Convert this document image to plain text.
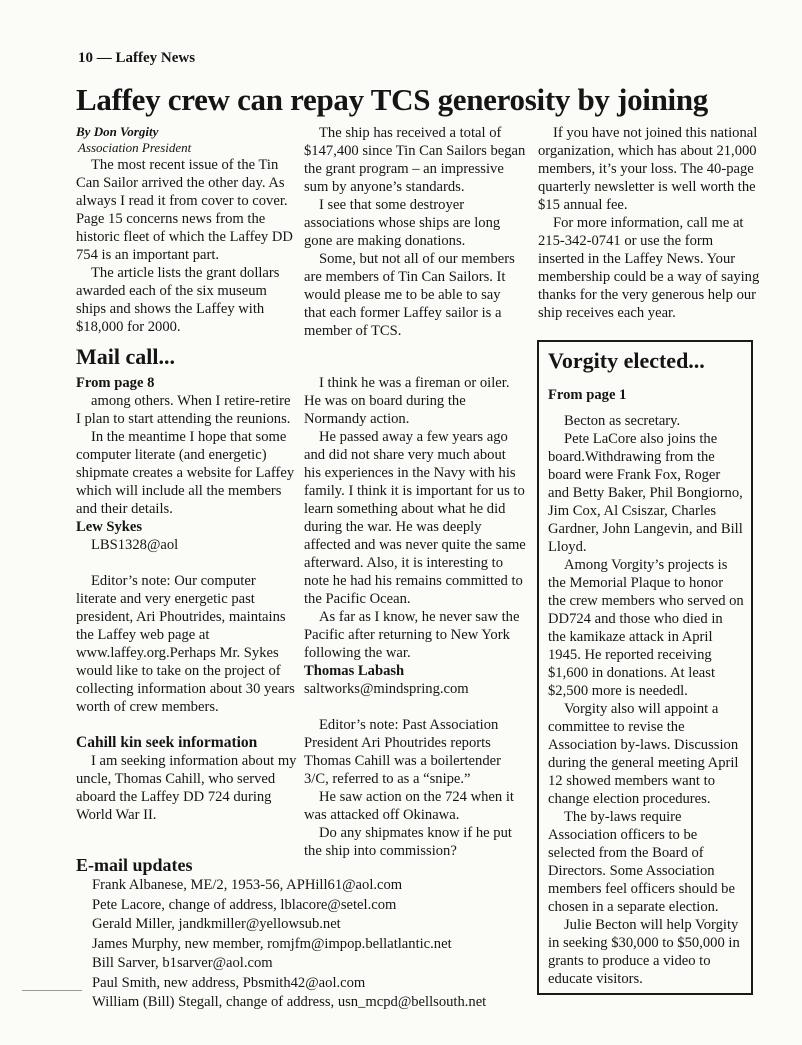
10 — Laffey News
Laffey crew can repay TCS generosity by joining
By Don Vorgity
Association President

The most recent issue of the Tin Can Sailor arrived the other day. As always I read it from cover to cover. Page 15 concerns news from the historic fleet of which the Laffey DD 754 is an important part.

The article lists the grant dollars awarded each of the six museum ships and shows the Laffey with $18,000 for 2000.

The ship has received a total of $147,400 since Tin Can Sailors began the grant program – an impressive sum by anyone’s standards.

I see that some destroyer associations whose ships are long gone are making donations.

Some, but not all of our members are members of Tin Can Sailors. It would please me to be able to say that each former Laffey sailor is a member of TCS.

If you have not joined this national organization, which has about 21,000 members, it’s your loss. The 40-page quarterly newsletter is well worth the $15 annual fee.

For more information, call me at 215-342-0741 or use the form inserted in the Laffey News. Your membership could be a way of saying thanks for the very generous help our ship receives each year.

Mail call...
From page 8

among others. When I retire-retire I plan to start attending the reunions.

In the meantime I hope that some computer literate (and energetic) shipmate creates a website for Laffey which will include all the members and their details.

Lew Sykes

LBS1328@aol

Editor’s note: Our computer literate and very energetic past president, Ari Phoutrides, maintains the Laffey web page at www.laffey.org.Perhaps Mr. Sykes would like to take on the project of collecting information about 30 years worth of crew members.

Cahill kin seek information

I am seeking information about my uncle, Thomas Cahill, who served aboard the Laffey DD 724 during World War II.

I think he was a fireman or oiler. He was on board during the Normandy action.

He passed away a few years ago and did not share very much about his experiences in the Navy with his family. I think it is important for us to learn something about what he did during the war. He was deeply affected and was never quite the same afterward. Also, it is interesting to note he had his remains committed to the Pacific Ocean.

As far as I know, he never saw the Pacific after returning to New York following the war.

Thomas Labash

saltworks@mindspring.com

Editor’s note: Past Association President Ari Phoutrides reports Thomas Cahill was a boilertender 3/C, referred to as a “snipe.”

He saw action on the 724 when it was attacked off Okinawa.

Do any shipmates know if he put the ship into commission?

E-mail updates
Frank Albanese, ME/2, 1953-56, APHill61@aol.com
Pete Lacore, change of address, lblacore@setel.com
Gerald Miller, jandkmiller@yellowsub.net
James Murphy, new member, romjfm@impop.bellatlantic.net
Bill Sarver, b1sarver@aol.com
Paul Smith, new address, Pbsmith42@aol.com
William (Bill) Stegall, change of address, usn_mcpd@bellsouth.net
Vorgity elected...
From page 1

Becton as secretary.

Pete LaCore also joins the board.Withdrawing from the board were Frank Fox, Roger and Betty Baker, Phil Bongiorno, Jim Cox, Al Csiszar, Charles Gardner, John Langevin, and Bill Lloyd.

Among Vorgity’s projects is the Memorial Plaque to honor the crew members who served on DD724 and those who died in the kamikaze attack in April 1945. He reported receiving $1,600 in donations. At least $2,500 more is neededl.

Vorgity also will appoint a committee to revise the Association by-laws. Discussion during the general meeting April 12 showed members want to change election procedures.

The by-laws require Association officers to be selected from the Board of Directors. Some Association members feel officers should be chosen in a separate election.

Julie Becton will help Vorgity in seeking $30,000 to $50,000 in grants to produce a video to educate visitors.
